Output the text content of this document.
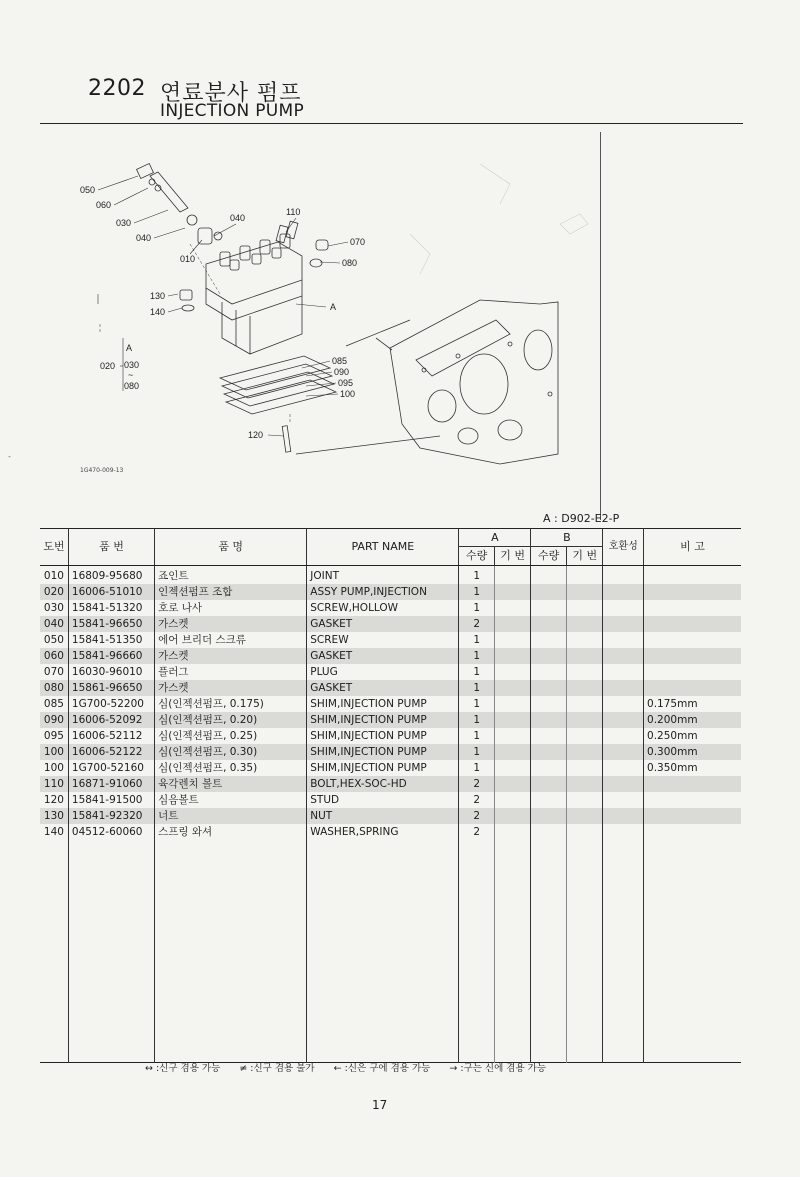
2202 연료분사 펌프
INJECTION PUMP
-
050
060
030
040
040
010
110
070
080
130
140	A
020
A
030
~
080
085
090
095
100
120
1G470-009-13
A : D902-E2-P
도번	품 번	품 명	PART NAME	A		B		호환성	비 고
				수량	기 번	수량	기 번		
010	16809-95680	죠인트	JOINT	1					
020	16006-51010	인젝션펌프 조합	ASSY PUMP,INJECTION	1					
030	15841-51320	호로 나사	SCREW,HOLLOW	1					
040	15841-96650	가스켓	GASKET	2					
050	15841-51350	에어 브리더 스크류	SCREW	1					
060	15841-96660	가스켓	GASKET	1					
070	16030-96010	플러그	PLUG	1					
080	15861-96650	가스켓	GASKET	1					
085	1G700-52200	심(인젝션펌프, 0.175)	SHIM,INJECTION PUMP	1					0.175mm
090	16006-52092	심(인젝션펌프, 0.20)	SHIM,INJECTION PUMP	1					0.200mm
095	16006-52112	심(인젝션펌프, 0.25)	SHIM,INJECTION PUMP	1					0.250mm
100	16006-52122	심(인젝션펌프, 0.30)	SHIM,INJECTION PUMP	1					0.300mm
100	1G700-52160	심(인젝션펌프, 0.35)	SHIM,INJECTION PUMP	1					0.350mm
110	16871-91060	육각렌치 볼트	BOLT,HEX-SOC-HD	2					
120	15841-91500	심음볼트	STUD	2					
130	15841-92320	너트	NUT	2					
140	04512-60060	스프링 와셔	WASHER,SPRING	2					

↔ :신구 겸용 가능 ≠ :신구 겸용 불가 ← :신은 구에 겸용 가능 → :구는 신에 겸용 가능
17
